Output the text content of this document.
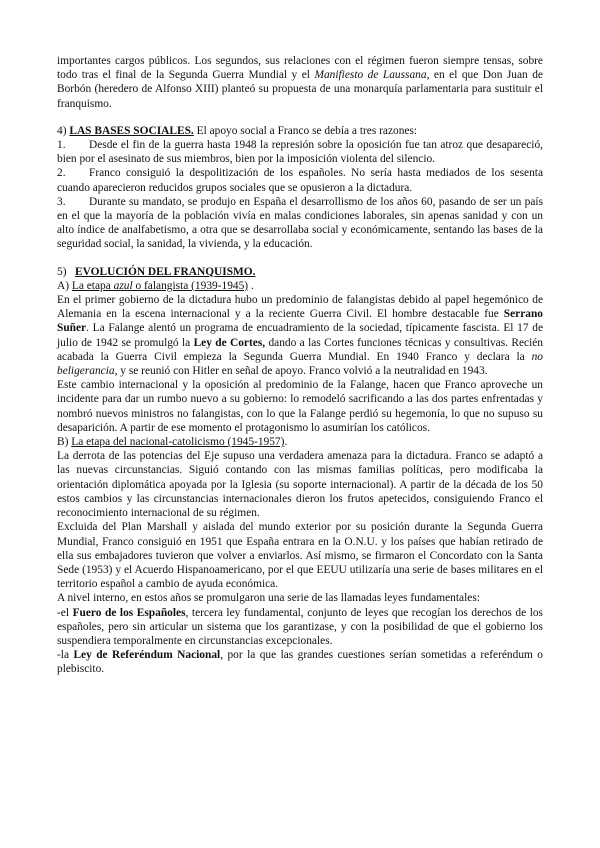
importantes cargos públicos. Los segundos, sus relaciones con el régimen fueron siempre tensas, sobre todo tras el final de la Segunda Guerra Mundial y el Manifiesto de Laussana, en el que Don Juan de Borbón (heredero de Alfonso XIII) planteó su propuesta de una monarquía parlamentaria para sustituir el franquismo.

4) LAS BASES SOCIALES. El apoyo social a Franco se debía a tres razones:

1. Desde el fin de la guerra hasta 1948 la represión sobre la oposición fue tan atroz que desapareció, bien por el asesinato de sus miembros, bien por la imposición violenta del silencio.

2. Franco consiguió la despolitización de los españoles. No sería hasta mediados de los sesenta cuando aparecieron reducidos grupos sociales que se opusieron a la dictadura.

3. Durante su mandato, se produjo en España el desarrollismo de los años 60, pasando de ser un país en el que la mayoría de la población vivía en malas condiciones laborales, sin apenas sanidad y con un alto índice de analfabetismo, a otra que se desarrollaba social y económicamente, sentando las bases de la seguridad social, la sanidad, la vivienda, y la educación.

5) EVOLUCIÓN DEL FRANQUISMO.

A) La etapa azul o falangista (1939-1945) .

En el primer gobierno de la dictadura hubo un predominio de falangistas debido al papel hegemónico de Alemania en la escena internacional y a la reciente Guerra Civil. El hombre destacable fue Serrano Suñer. La Falange alentó un programa de encuadramiento de la sociedad, típicamente fascista. El 17 de julio de 1942 se promulgó la Ley de Cortes, dando a las Cortes funciones técnicas y consultivas. Recién acabada la Guerra Civil empieza la Segunda Guerra Mundial. En 1940 Franco y declara la no beligerancia, y se reunió con Hitler en señal de apoyo. Franco volvió a la neutralidad en 1943.

Este cambio internacional y la oposición al predominio de la Falange, hacen que Franco aproveche un incidente para dar un rumbo nuevo a su gobierno: lo remodeló sacrificando a las dos partes enfrentadas y nombró nuevos ministros no falangistas, con lo que la Falange perdió su hegemonía, lo que no supuso su desaparición. A partir de ese momento el protagonismo lo asumirían los católicos.

B) La etapa del nacional-catolicismo (1945-1957).

La derrota de las potencias del Eje supuso una verdadera amenaza para la dictadura. Franco se adaptó a las nuevas circunstancias. Siguió contando con las mismas familias políticas, pero modificaba la orientación diplomática apoyada por la Iglesia (su soporte internacional). A partir de la década de los 50 estos cambios y las circunstancias internacionales dieron los frutos apetecidos, consiguiendo Franco el reconocimiento internacional de su régimen.

Excluida del Plan Marshall y aislada del mundo exterior por su posición durante la Segunda Guerra Mundial, Franco consiguió en 1951 que España entrara en la O.N.U. y los países que habían retirado de ella sus embajadores tuvieron que volver a enviarlos. Así mismo, se firmaron el Concordato con la Santa Sede (1953) y el Acuerdo Hispanoamericano, por el que EEUU utilizaría una serie de bases militares en el territorio español a cambio de ayuda económica.

A nivel interno, en estos años se promulgaron una serie de las llamadas leyes fundamentales:

-el Fuero de los Españoles, tercera ley fundamental, conjunto de leyes que recogían los derechos de los españoles, pero sin articular un sistema que los garantizase, y con la posibilidad de que el gobierno los suspendiera temporalmente en circunstancias excepcionales.

-la Ley de Referéndum Nacional, por la que las grandes cuestiones serían sometidas a referéndum o plebiscito.
